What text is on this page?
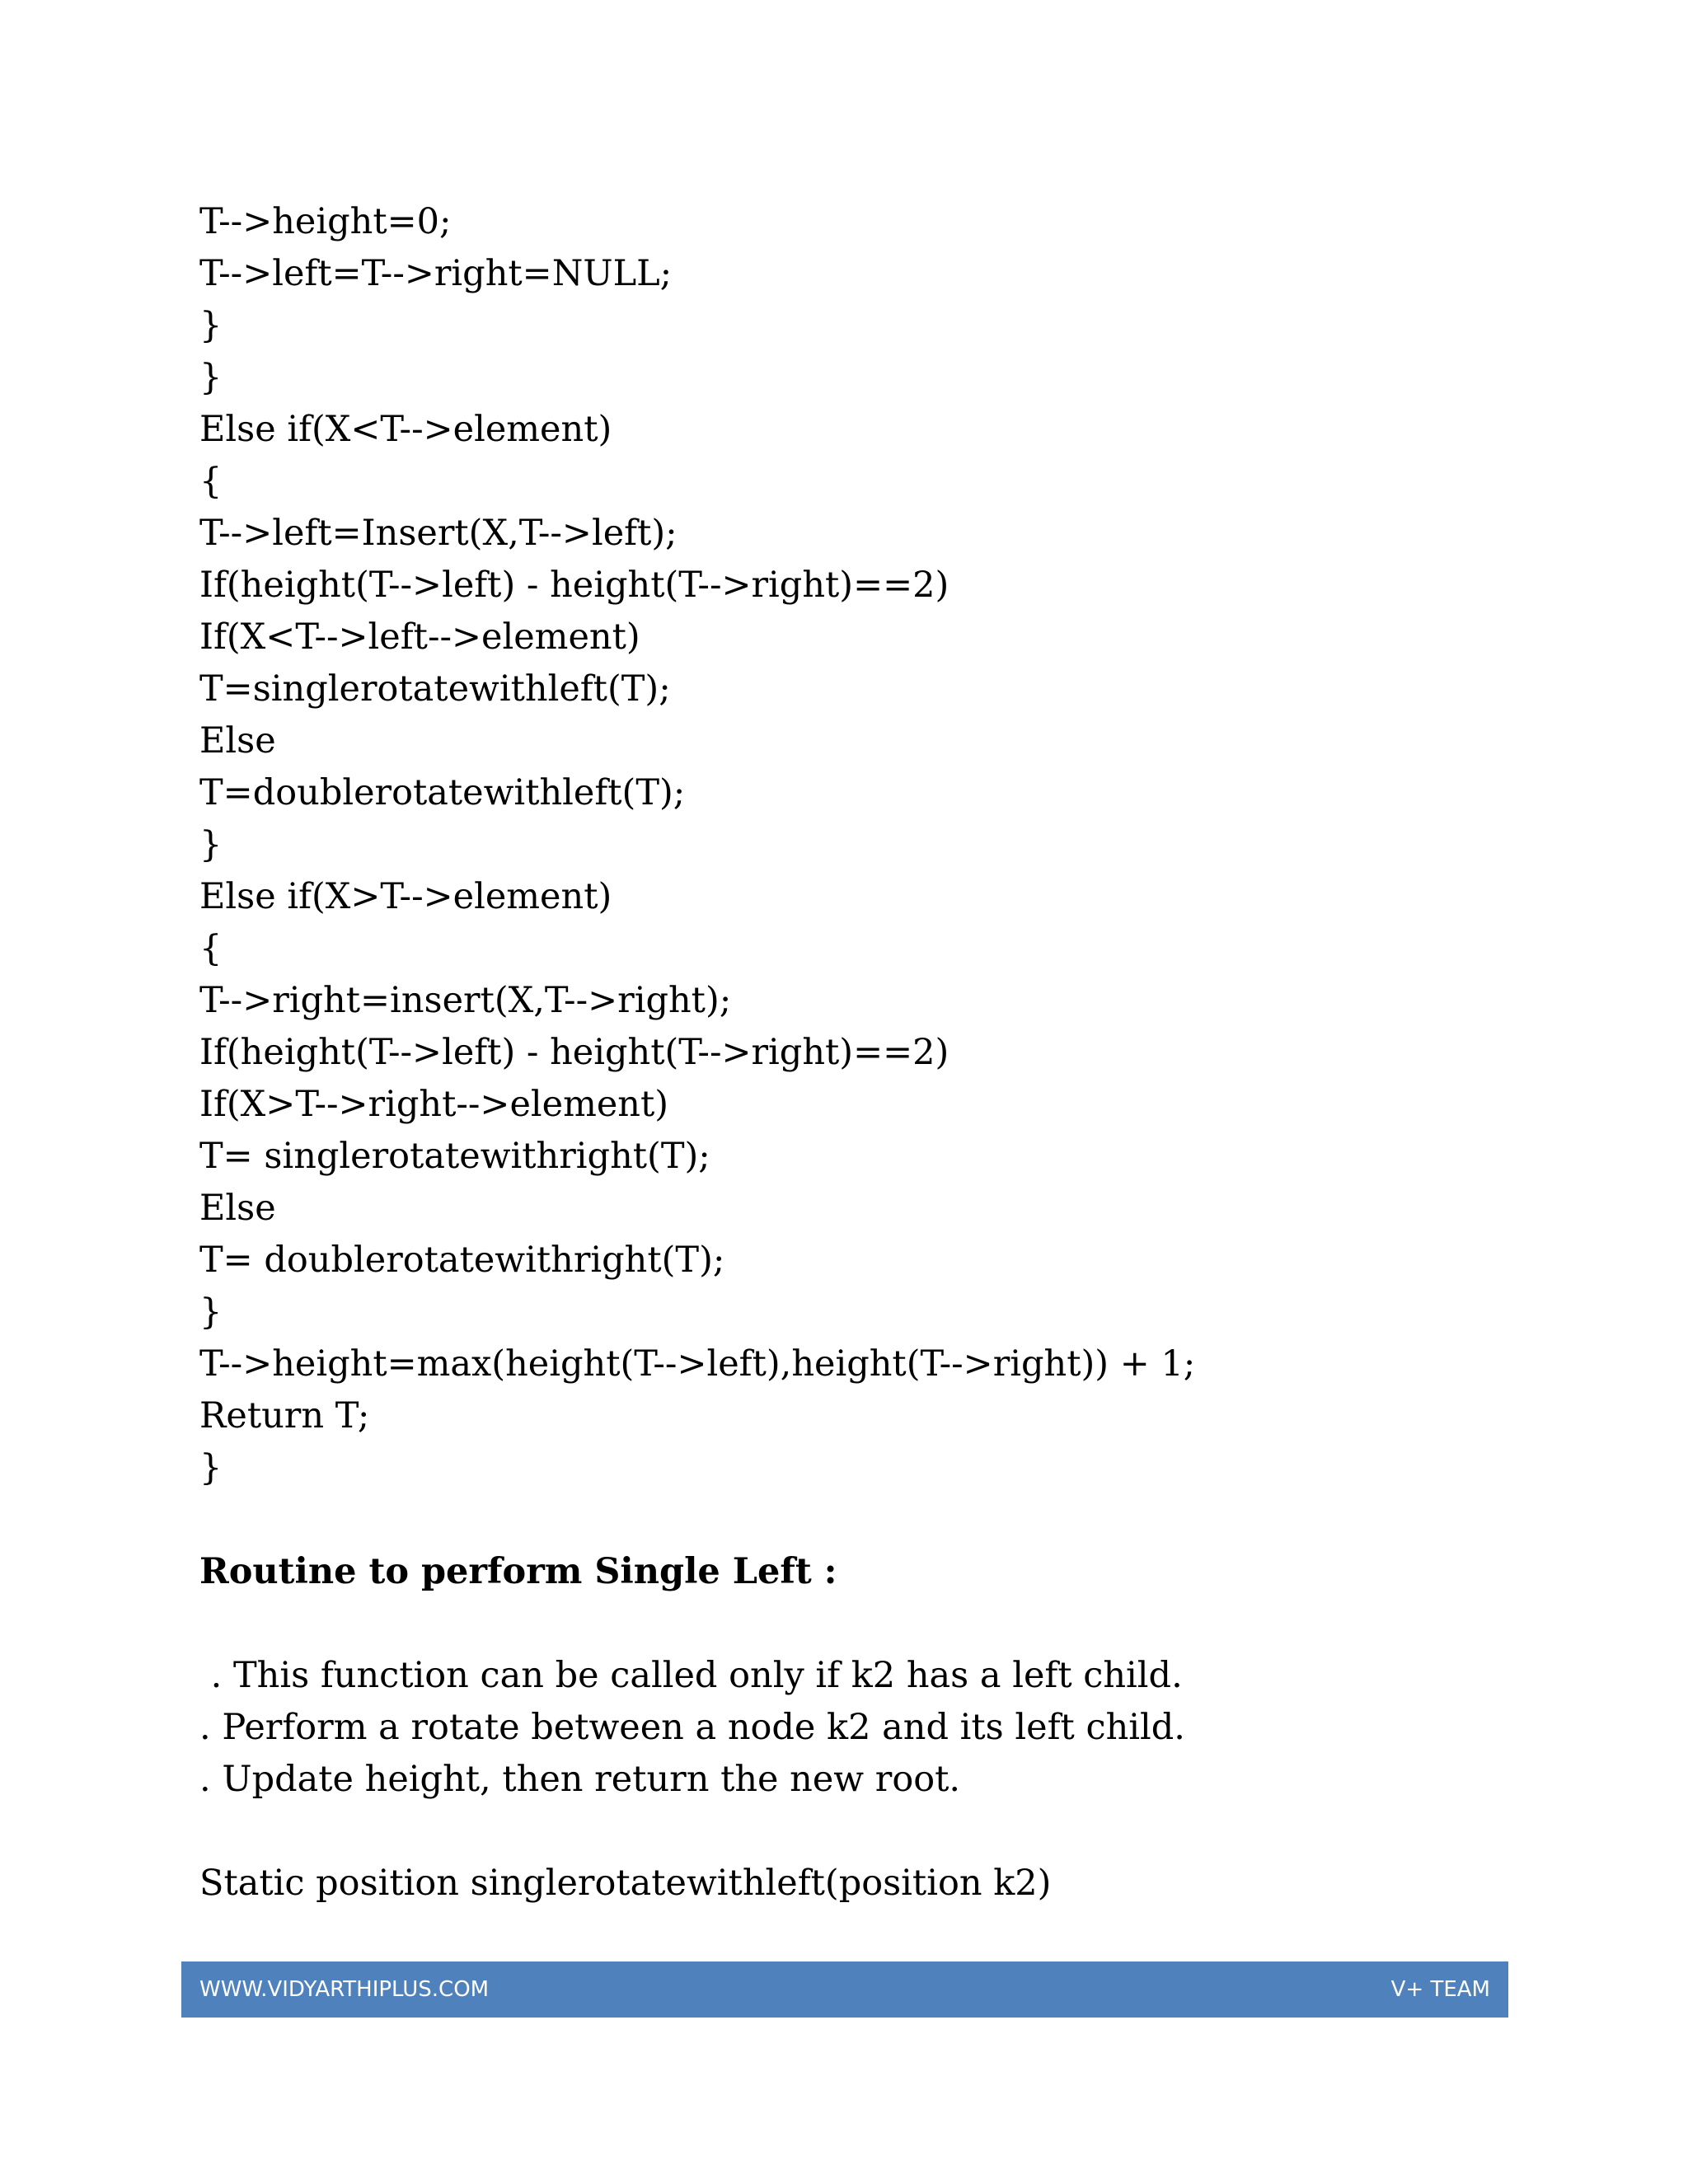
T-->height=0;
T-->left=T-->right=NULL;
}
}
Else if(X<T-->element)
{
T-->left=Insert(X,T-->left);
If(height(T-->left) - height(T-->right)==2)
If(X<T-->left-->element)
T=singlerotatewithleft(T);
Else
T=doublerotatewithleft(T);
}
Else if(X>T-->element)
{
T-->right=insert(X,T-->right);
If(height(T-->left) - height(T-->right)==2)
If(X>T-->right-->element)
T= singlerotatewithright(T);
Else
T= doublerotatewithright(T);
}
T-->height=max(height(T-->left),height(T-->right)) + 1;
Return T;
}
Routine to perform Single Left :
. This function can be called only if k2 has a left child.
. Perform a rotate between a node k2 and its left child.
. Update height, then return the new root.
Static position singlerotatewithleft(position k2)
WWW.VIDYARTHIPLUS.COM	V+ TEAM
